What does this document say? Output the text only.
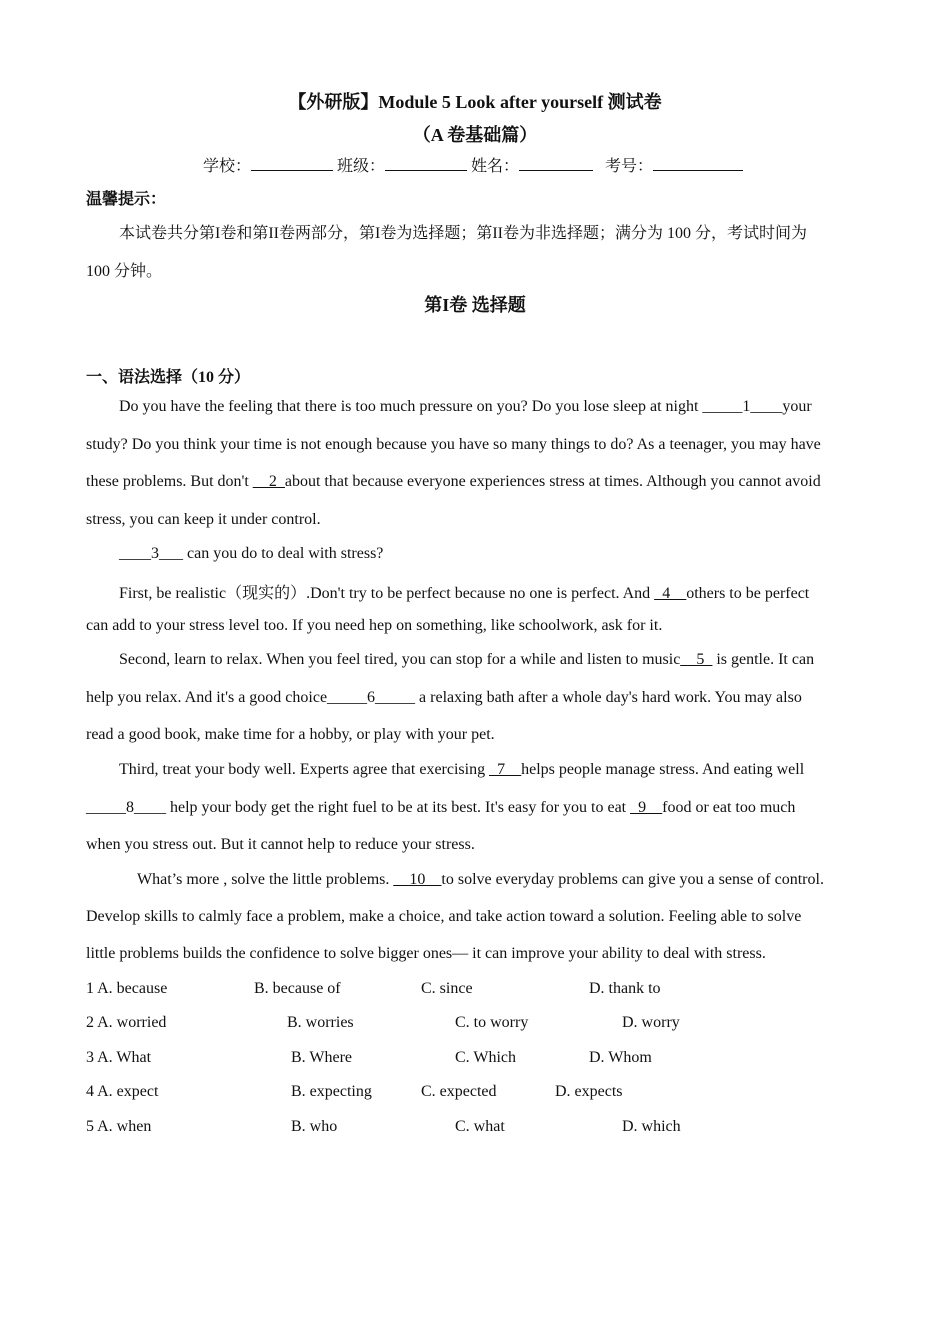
【外研版】Module 5 Look after yourself 测试卷
（A 卷基础篇）
学校：	班级：	姓名：	考号：
温馨提示：
本试卷共分第I卷和第II卷两部分，第I卷为选择题；第II卷为非选择题；满分为 100 分，考试时间为
100 分钟。
第I卷 选择题
一、语法选择（10 分）
Do you have the feeling that there is too much pressure on you? Do you lose sleep at night _____1____your
study? Do you think your time is not enough because you have so many things to do? As a teenager, you may have
these problems. But don't __2_about that because everyone experiences stress at times. Although you cannot avoid
stress, you can keep it under control.
____3___ can you do to deal with stress?
First, be realistic（现实的）.Don't try to be perfect because no one is perfect. And _4__others to be perfect
can add to your stress level too. If you need hep on something, like schoolwork, ask for it.
Second, learn to relax. When you feel tired, you can stop for a while and listen to music__5_ is gentle. It can
help you relax. And it's a good choice_____6_____ a relaxing bath after a whole day's hard work. You may also
read a good book, make time for a hobby, or play with your pet.
Third, treat your body well. Experts agree that exercising _7__helps people manage stress. And eating well
_____8____ help your body get the right fuel to be at its best. It's easy for you to eat _9__food or eat too much
when you stress out. But it cannot help to reduce your stress.
What’s more , solve the little problems. __10__to solve everyday problems can give you a sense of control.
Develop skills to calmly face a problem, make a choice, and take action toward a solution. Feeling able to solve
little problems builds the confidence to solve bigger ones— it can improve your ability to deal with stress.
1 A. because	B. because of	C. since	D. thank to
2 A. worried	B. worries	C. to worry	D. worry
3 A. What	B. Where	C. Which	D. Whom
4 A. expect	B. expecting	C. expected	D. expects
5 A. when	B. who	C. what	D. which
